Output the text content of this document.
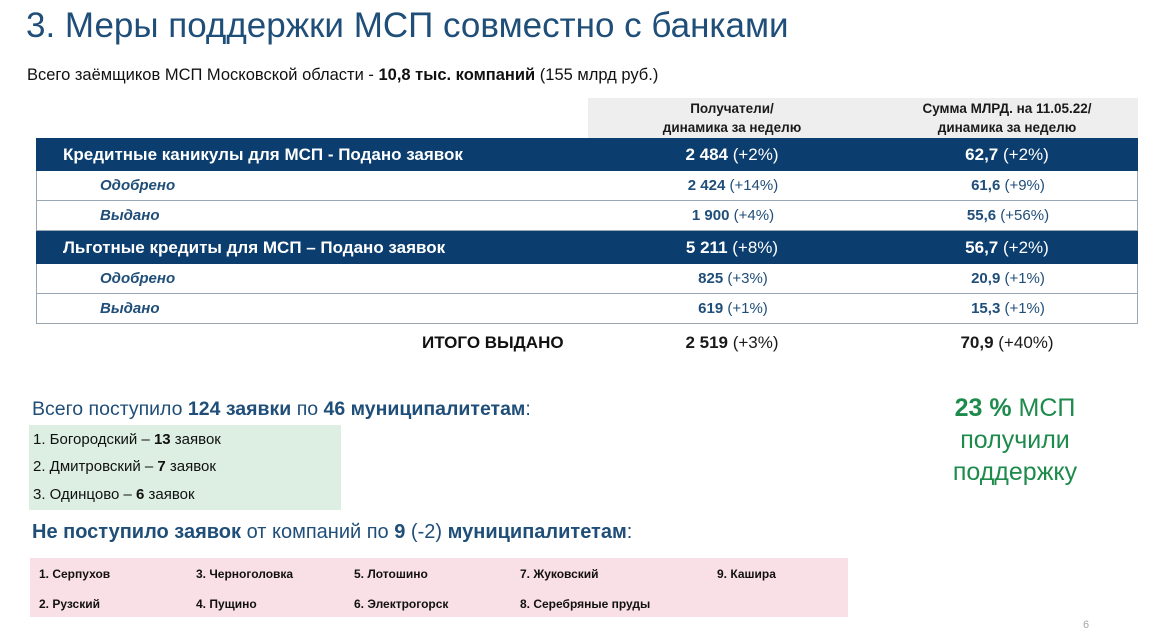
3. Меры поддержки МСП совместно с банками
Всего заёмщиков МСП Московской области - 10,8 тыс. компаний (155 млрд руб.)
Получатели/
динамика за неделю
Сумма МЛРД. на 11.05.22/
динамика за неделю
Кредитные каникулы для МСП - Подано заявок	2 484 (+2%)	62,7 (+2%)
Одобрено	2 424 (+14%)	61,6 (+9%)
Выдано	1 900 (+4%)	55,6 (+56%)
Льготные кредиты для МСП – Подано заявок	5 211 (+8%)	56,7 (+2%)
Одобрено	825 (+3%)	20,9 (+1%)
Выдано	619 (+1%)	15,3 (+1%)
ИТОГО ВЫДАНО	2 519 (+3%)	70,9 (+40%)
Всего поступило 124 заявки по 46 муниципалитетам:
1. Богородский – 13 заявок
2. Дмитровский – 7 заявок
3. Одинцово – 6 заявок
23 % МСП
получили
поддержку
Не поступило заявок от компаний по 9 (-2) муниципалитетам:
1. Серпухов
2. Рузский
3. Черноголовка
4. Пущино
5. Лотошино
6. Электрогорск
7. Жуковский
8. Серебряные пруды
9. Кашира
6
